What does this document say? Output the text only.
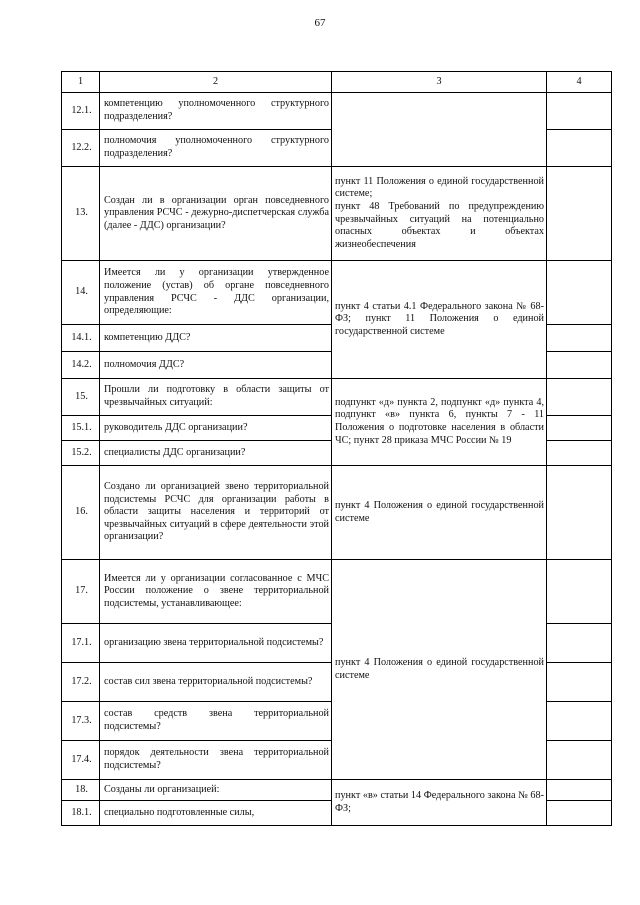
67
1	2	3	4
12.1.	компетенцию уполномоченного структурного подразделения?		
12.2.	полномочия уполномоченного структурного подразделения?		
13.	Создан ли в организации орган повседневного управления РСЧС - дежурно-диспетчерская служба (далее - ДДС) организации?	пункт 11 Положения о единой государственной системе;
пункт 48 Требований по предупреждению чрезвычайных ситуаций на потенциально опасных объектах и объектах жизнеобеспечения	

14.	Имеется ли у организации утвержденное положение (устав) об органе повседневного управления РСЧС - ДДС организации, определяющие:	пункт 4 статьи 4.1 Федерального закона № 68-ФЗ; пункт 11 Положения о единой государственной системе	
14.1.	компетенцию ДДС?		
14.2.	полномочия ДДС?		
15.	Прошли ли подготовку в области защиты от чрезвычайных ситуаций:	подпункт «д» пункта 2, подпункт «д» пункта 4, подпункт «в» пункта 6, пункты 7 - 11 Положения о подготовке населения в области ЧС; пункт 28 приказа МЧС России № 19	
15.1.	руководитель ДДС организации?		
15.2.	специалисты ДДС организации?		
16.	Создано ли организацией звено территориальной подсистемы РСЧС для организации работы в области защиты населения и территорий от чрезвычайных ситуаций в сфере деятельности этой организации?	пункт 4 Положения о единой государственной системе	
17.	Имеется ли у организации согласованное с МЧС России положение о звене территориальной подсистемы, устанавливающее:	пункт 4 Положения о единой государственной системе	
17.1.	организацию звена территориальной подсистемы?		
17.2.	состав сил звена территориальной подсистемы?		
17.3.	состав средств звена территориальной подсистемы?		
17.4.	порядок деятельности звена территориальной подсистемы?		
18.	Созданы ли организацией:	пункт «в» статьи 14 Федерального закона № 68-ФЗ;	
18.1.	специально подготовленные силы,		
